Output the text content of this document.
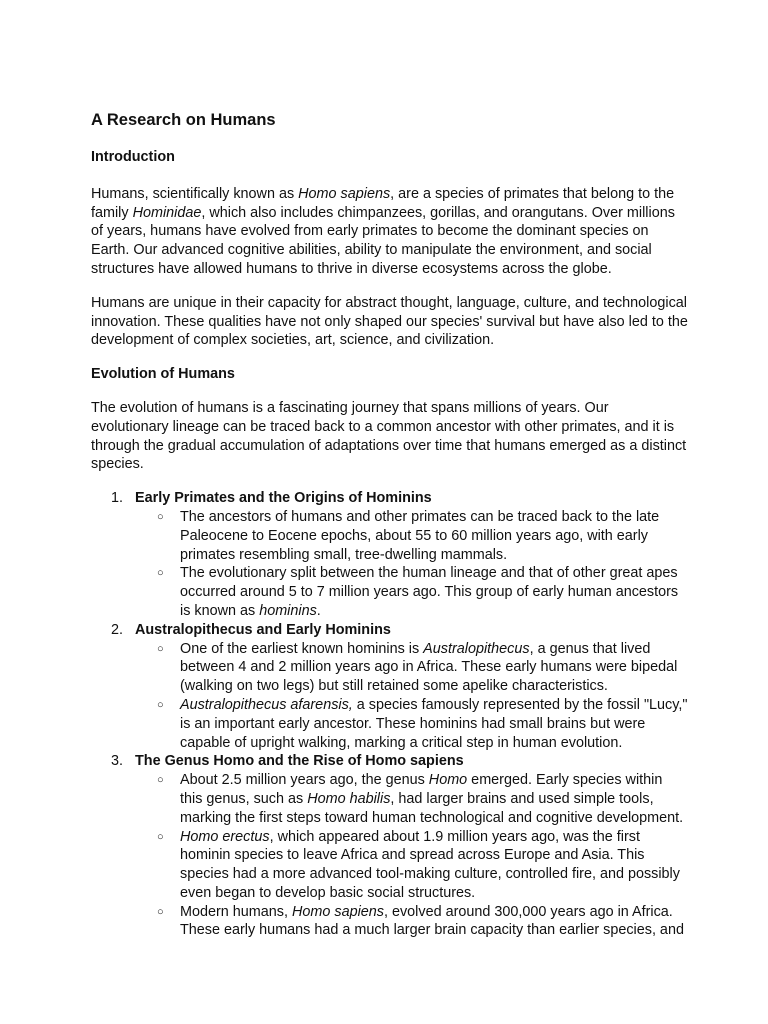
A Research on Humans
Introduction

Humans, scientifically known as Homo sapiens, are a species of primates that belong to the family Hominidae, which also includes chimpanzees, gorillas, and orangutans. Over millions of years, humans have evolved from early primates to become the dominant species on Earth. Our advanced cognitive abilities, ability to manipulate the environment, and social structures have allowed humans to thrive in diverse ecosystems across the globe.

Humans are unique in their capacity for abstract thought, language, culture, and technological innovation. These qualities have not only shaped our species' survival but have also led to the development of complex societies, art, science, and civilization.

Evolution of Humans

The evolution of humans is a fascinating journey that spans millions of years. Our evolutionary lineage can be traced back to a common ancestor with other primates, and it is through the gradual accumulation of adaptations over time that humans emerged as a distinct species.

1. Early Primates and the Origins of Hominins
○ The ancestors of humans and other primates can be traced back to the late Paleocene to Eocene epochs, about 55 to 60 million years ago, with early primates resembling small, tree-dwelling mammals.
○ The evolutionary split between the human lineage and that of other great apes occurred around 5 to 7 million years ago. This group of early human ancestors is known as hominins.
2. Australopithecus and Early Hominins
○ One of the earliest known hominins is Australopithecus, a genus that lived between 4 and 2 million years ago in Africa. These early humans were bipedal (walking on two legs) but still retained some apelike characteristics.
○ Australopithecus afarensis, a species famously represented by the fossil "Lucy," is an important early ancestor. These hominins had small brains but were capable of upright walking, marking a critical step in human evolution.
3. The Genus Homo and the Rise of Homo sapiens
○ About 2.5 million years ago, the genus Homo emerged. Early species within this genus, such as Homo habilis, had larger brains and used simple tools, marking the first steps toward human technological and cognitive development.
○ Homo erectus, which appeared about 1.9 million years ago, was the first hominin species to leave Africa and spread across Europe and Asia. This species had a more advanced tool-making culture, controlled fire, and possibly even began to develop basic social structures.
○ Modern humans, Homo sapiens, evolved around 300,000 years ago in Africa. These early humans had a much larger brain capacity than earlier species, and
